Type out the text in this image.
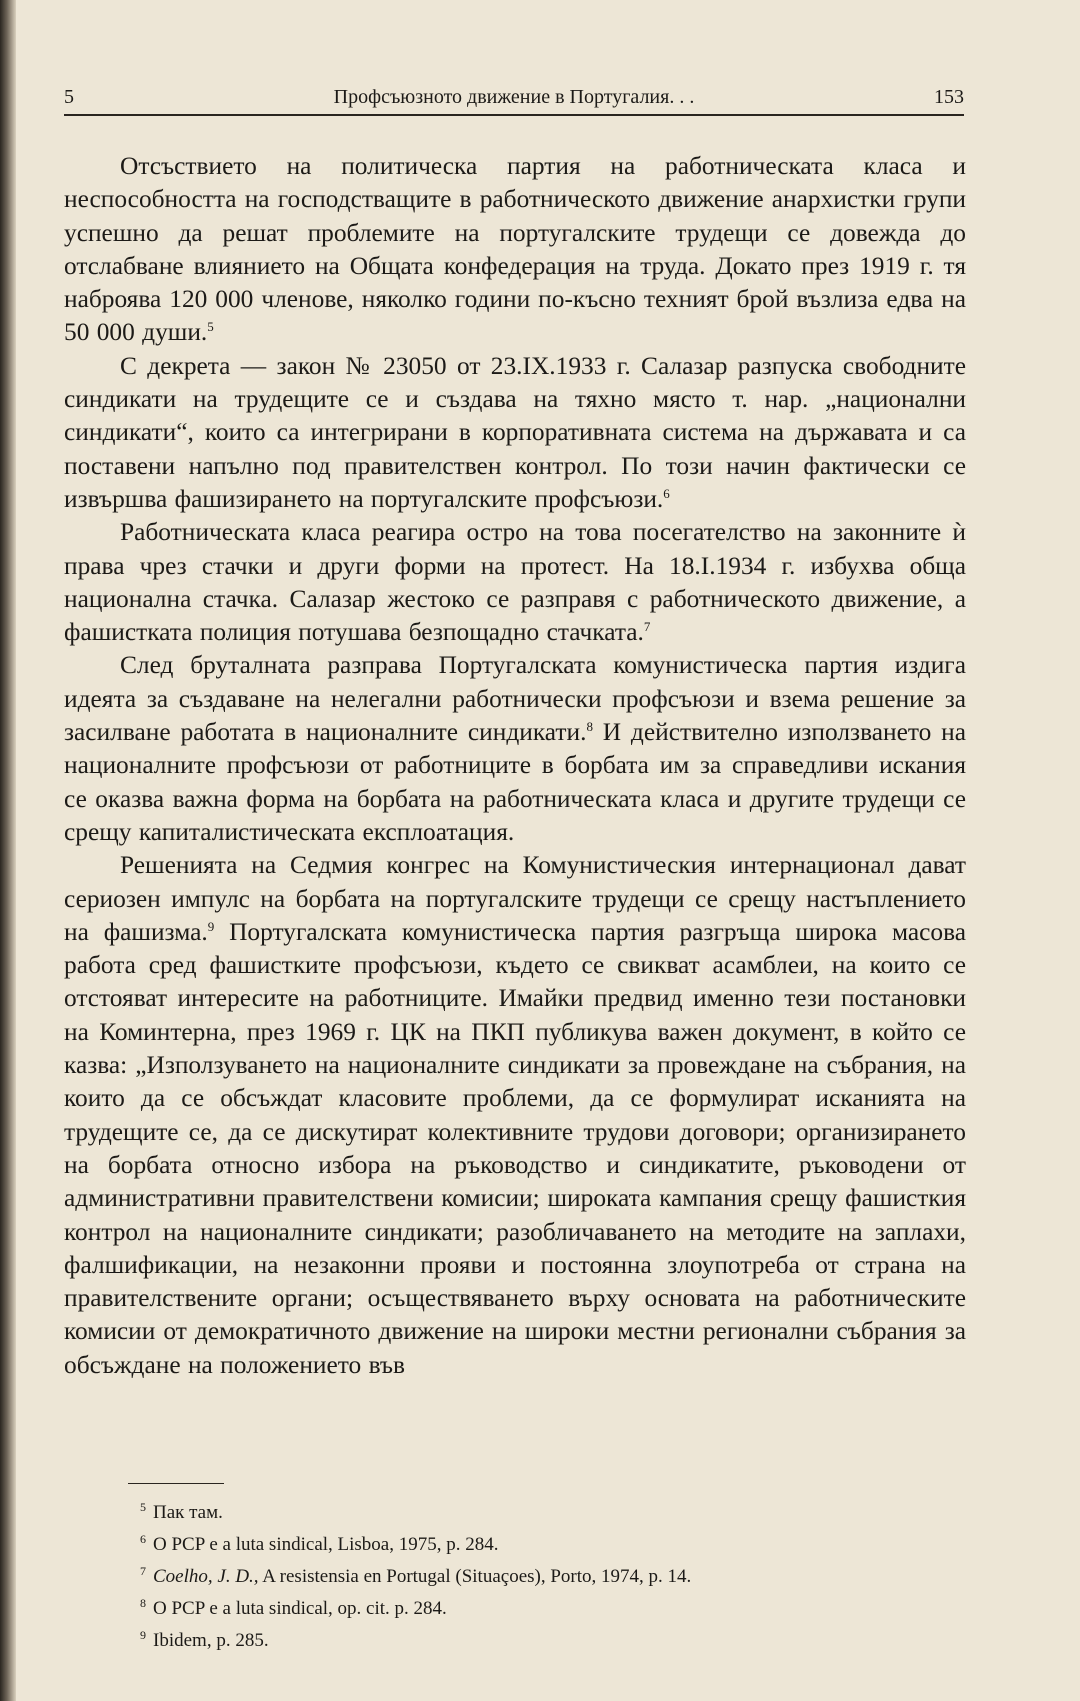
5	Профсъюзното движение в Португалия. . .	153

Отсъствието на политическа партия на работническата класа и неспособността на господстващите в работническото движение анархистки групи успешно да решат проблемите на португалските трудещи се довежда до отслабване влиянието на Общата конфедерация на труда. Докато през 1919 г. тя наброява 120 000 членове, няколко години по-късно техният брой възлиза едва на 50 000 души.$^5$

С декрета — закон № 23050 от 23.IX.1933 г. Салазар разпуска свободните синдикати на трудещите се и създава на тяхно място т. нар. „национални синдикати“, които са интегрирани в корпоративната система на държавата и са поставени напълно под правителствен контрол. По този начин фактически се извършва фашизирането на португалските профсъюзи.$^6$

Работническата класа реагира остро на това посегателство на законните ѝ права чрез стачки и други форми на протест. На 18.I.1934 г. избухва обща национална стачка. Салазар жестоко се разправя с работническото движение, а фашистката полиция потушава безпощадно стачката.$^7$

След бруталната разправа Португалската комунистическа партия издига идеята за създаване на нелегални работнически профсъюзи и взема решение за засилване работата в националните синдикати.$^8$ И действително използването на националните профсъюзи от работниците в борбата им за справедливи искания се оказва важна форма на борбата на работническата класа и другите трудещи се срещу капиталистическата експлоатация.

Решенията на Седмия конгрес на Комунистическия интернационал дават сериозен импулс на борбата на португалските трудещи се срещу настъплението на фашизма.$^9$ Португалската комунистическа партия разгръща широка масова работа сред фашистките профсъюзи, където се свикват асамблеи, на които се отстояват интересите на работниците. Имайки предвид именно тези постановки на Коминтерна, през 1969 г. ЦК на ПКП публикува важен документ, в който се казва: „Използуването на националните синдикати за провеждане на събрания, на които да се обсъждат класовите проблеми, да се формулират исканията на трудещите се, да се дискутират колективните трудови договори; организирането на борбата относно избора на ръководство и синдикатите, ръководени от административни правителствени комисии; широката кампания срещу фашисткия контрол на националните синдикати; разобличаването на методите на заплахи, фалшификации, на незаконни прояви и постоянна злоупотреба от страна на правителствените органи; осъществяването върху основата на работническите комисии от демократичното движение на широки местни регионални събрания за обсъждане на положението във

$^5$ Пак там.
$^6$ O PCP e a luta sindical, Lisboa, 1975, p. 284.
$^7$ Coelho, J. D., A resistensia en Portugal (Situaçoes), Porto, 1974, p. 14.
$^8$ O PCP e a luta sindical, op. cit. p. 284.
$^9$ Ibidem, p. 285.
